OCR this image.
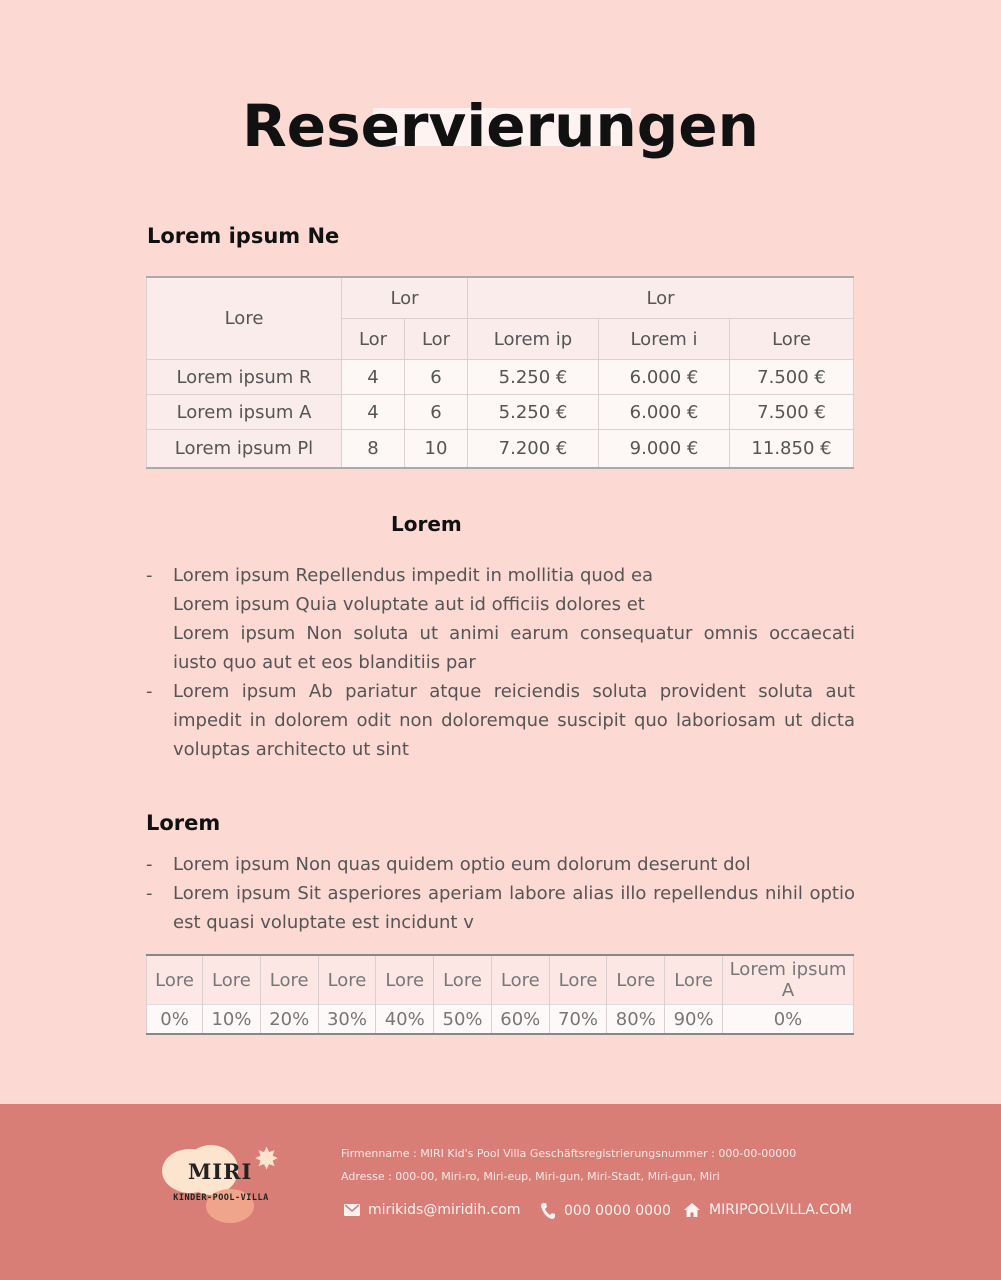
Reservierungen
Lorem ipsum Ne
Lore	Lor		Lor		
	Lor	Lor	Lorem ip	Lorem i	Lore
Lorem ipsum R	4	6	5.250 €	6.000 €	7.500 €
Lorem ipsum A	4	6	5.250 €	6.000 €	7.500 €
Lorem ipsum Pl	8	10	7.200 €	9.000 €	11.850 €
Lorem
- Lorem ipsum Repellendus impedit in mollitia quod ea
Lorem ipsum Quia voluptate aut id officiis dolores et
Lorem ipsum Non soluta ut animi earum consequatur omnis occaecati iusto quo aut et eos blanditiis par
- Lorem ipsum Ab pariatur atque reiciendis soluta provident soluta aut impedit in dolorem odit non doloremque suscipit quo laboriosam ut dicta voluptas architecto ut sint
Lorem
- Lorem ipsum Non quas quidem optio eum dolorum deserunt dol
- Lorem ipsum Sit asperiores aperiam labore alias illo repellendus nihil optio est quasi voluptate est incidunt v
Lore	Lore	Lore	Lore	Lore	Lore	Lore	Lore	Lore	Lore	Lorem ipsum A
0%	10%	20%	30%	40%	50%	60%	70%	80%	90%	0%
✸
MIRI
KINDER-POOL-VILLA
Firmenname : MIRI Kid's Pool Villa Geschäftsregistrierungsnummer : 000-00-00000
Adresse : 000-00, Miri-ro, Miri-eup, Miri-gun, Miri-Stadt, Miri-gun, Miri
mirikids@miridih.com	000 0000 0000	MIRIPOOLVILLA.COM
